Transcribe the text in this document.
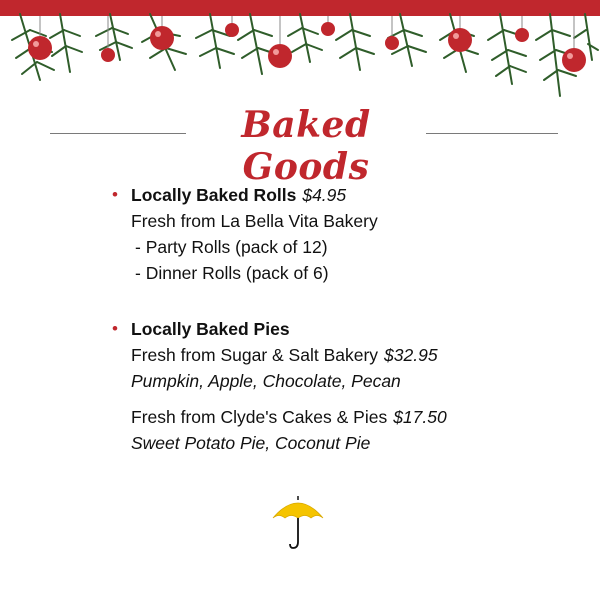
Baked Goods
• Locally Baked Rolls $4.95
Fresh from La Bella Vita Bakery
- Party Rolls (pack of 12)
- Dinner Rolls (pack of 6)
• Locally Baked Pies
Fresh from Sugar & Salt Bakery $32.95
Pumpkin, Apple, Chocolate, Pecan
Fresh from Clyde's Cakes & Pies $17.50
Sweet Potato Pie, Coconut Pie
